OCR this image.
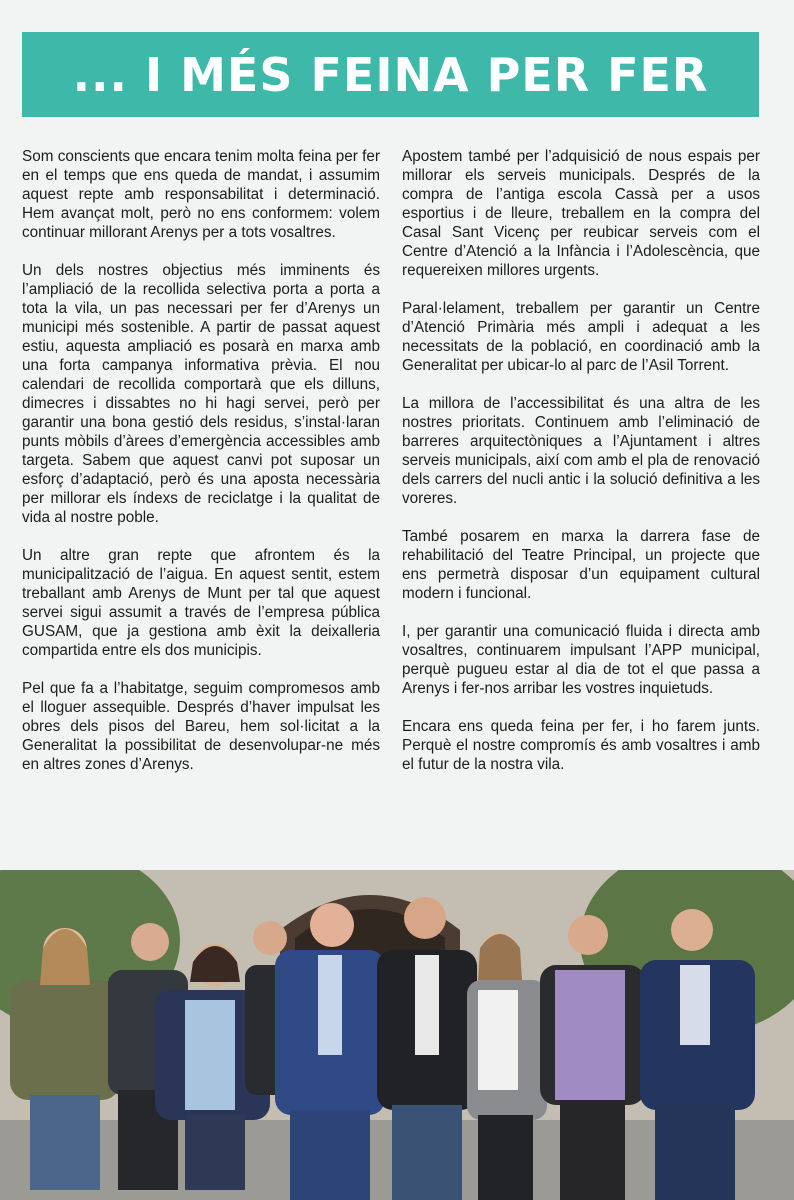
... I MÉS FEINA PER FER

Som conscients que encara tenim molta feina per fer en el temps que ens queda de mandat, i assumim aquest repte amb responsabilitat i determinació. Hem avançat molt, però no ens conformem: volem continuar millorant Arenys per a tots vosaltres.

Un dels nostres objectius més imminents és l’ampliació de la recollida selectiva porta a porta a tota la vila, un pas necessari per fer d’Arenys un municipi més sostenible. A partir de passat aquest estiu, aquesta ampliació es posarà en marxa amb una forta campanya informativa prèvia. El nou calendari de recollida comportarà que els dilluns, dimecres i dissabtes no hi hagi servei, però per garantir una bona gestió dels residus, s’instal·laran punts mòbils d’àrees d’emergència accessibles amb targeta. Sabem que aquest canvi pot suposar un esforç d’adaptació, però és una aposta necessària per millorar els índexs de reciclatge i la qualitat de vida al nostre poble.

Un altre gran repte que afrontem és la municipalització de l’aigua. En aquest sentit, estem treballant amb Arenys de Munt per tal que aquest servei sigui assumit a través de l’empresa pública GUSAM, que ja gestiona amb èxit la deixalleria compartida entre els dos municipis.

Pel que fa a l’habitatge, seguim compromesos amb el lloguer assequible. Després d’haver impulsat les obres dels pisos del Bareu, hem sol·licitat a la Generalitat la possibilitat de desenvolupar-ne més en altres zones d’Arenys.

Apostem també per l’adquisició de nous espais per millorar els serveis municipals. Després de la compra de l’antiga escola Cassà per a usos esportius i de lleure, treballem en la compra del Casal Sant Vicenç per reubicar serveis com el Centre d’Atenció a la Infància i l’Adolescència, que requereixen millores urgents.

Paral·lelament, treballem per garantir un Centre d’Atenció Primària més ampli i adequat a les necessitats de la població, en coordinació amb la Generalitat per ubicar-lo al parc de l’Asil Torrent.

La millora de l’accessibilitat és una altra de les nostres prioritats. Continuem amb l’eliminació de barreres arquitectòniques a l’Ajuntament i altres serveis municipals, així com amb el pla de renovació dels carrers del nucli antic i la solució definitiva a les voreres.

També posarem en marxa la darrera fase de rehabilitació del Teatre Principal, un projecte que ens permetrà disposar d’un equipament cultural modern i funcional.

I, per garantir una comunicació fluida i directa amb vosaltres, continuarem impulsant l’APP municipal, perquè pugueu estar al dia de tot el que passa a Arenys i fer-nos arribar les vostres inquietuds.

Encara ens queda feina per fer, i ho farem junts. Perquè el nostre compromís és amb vosaltres i amb el futur de la nostra vila.
